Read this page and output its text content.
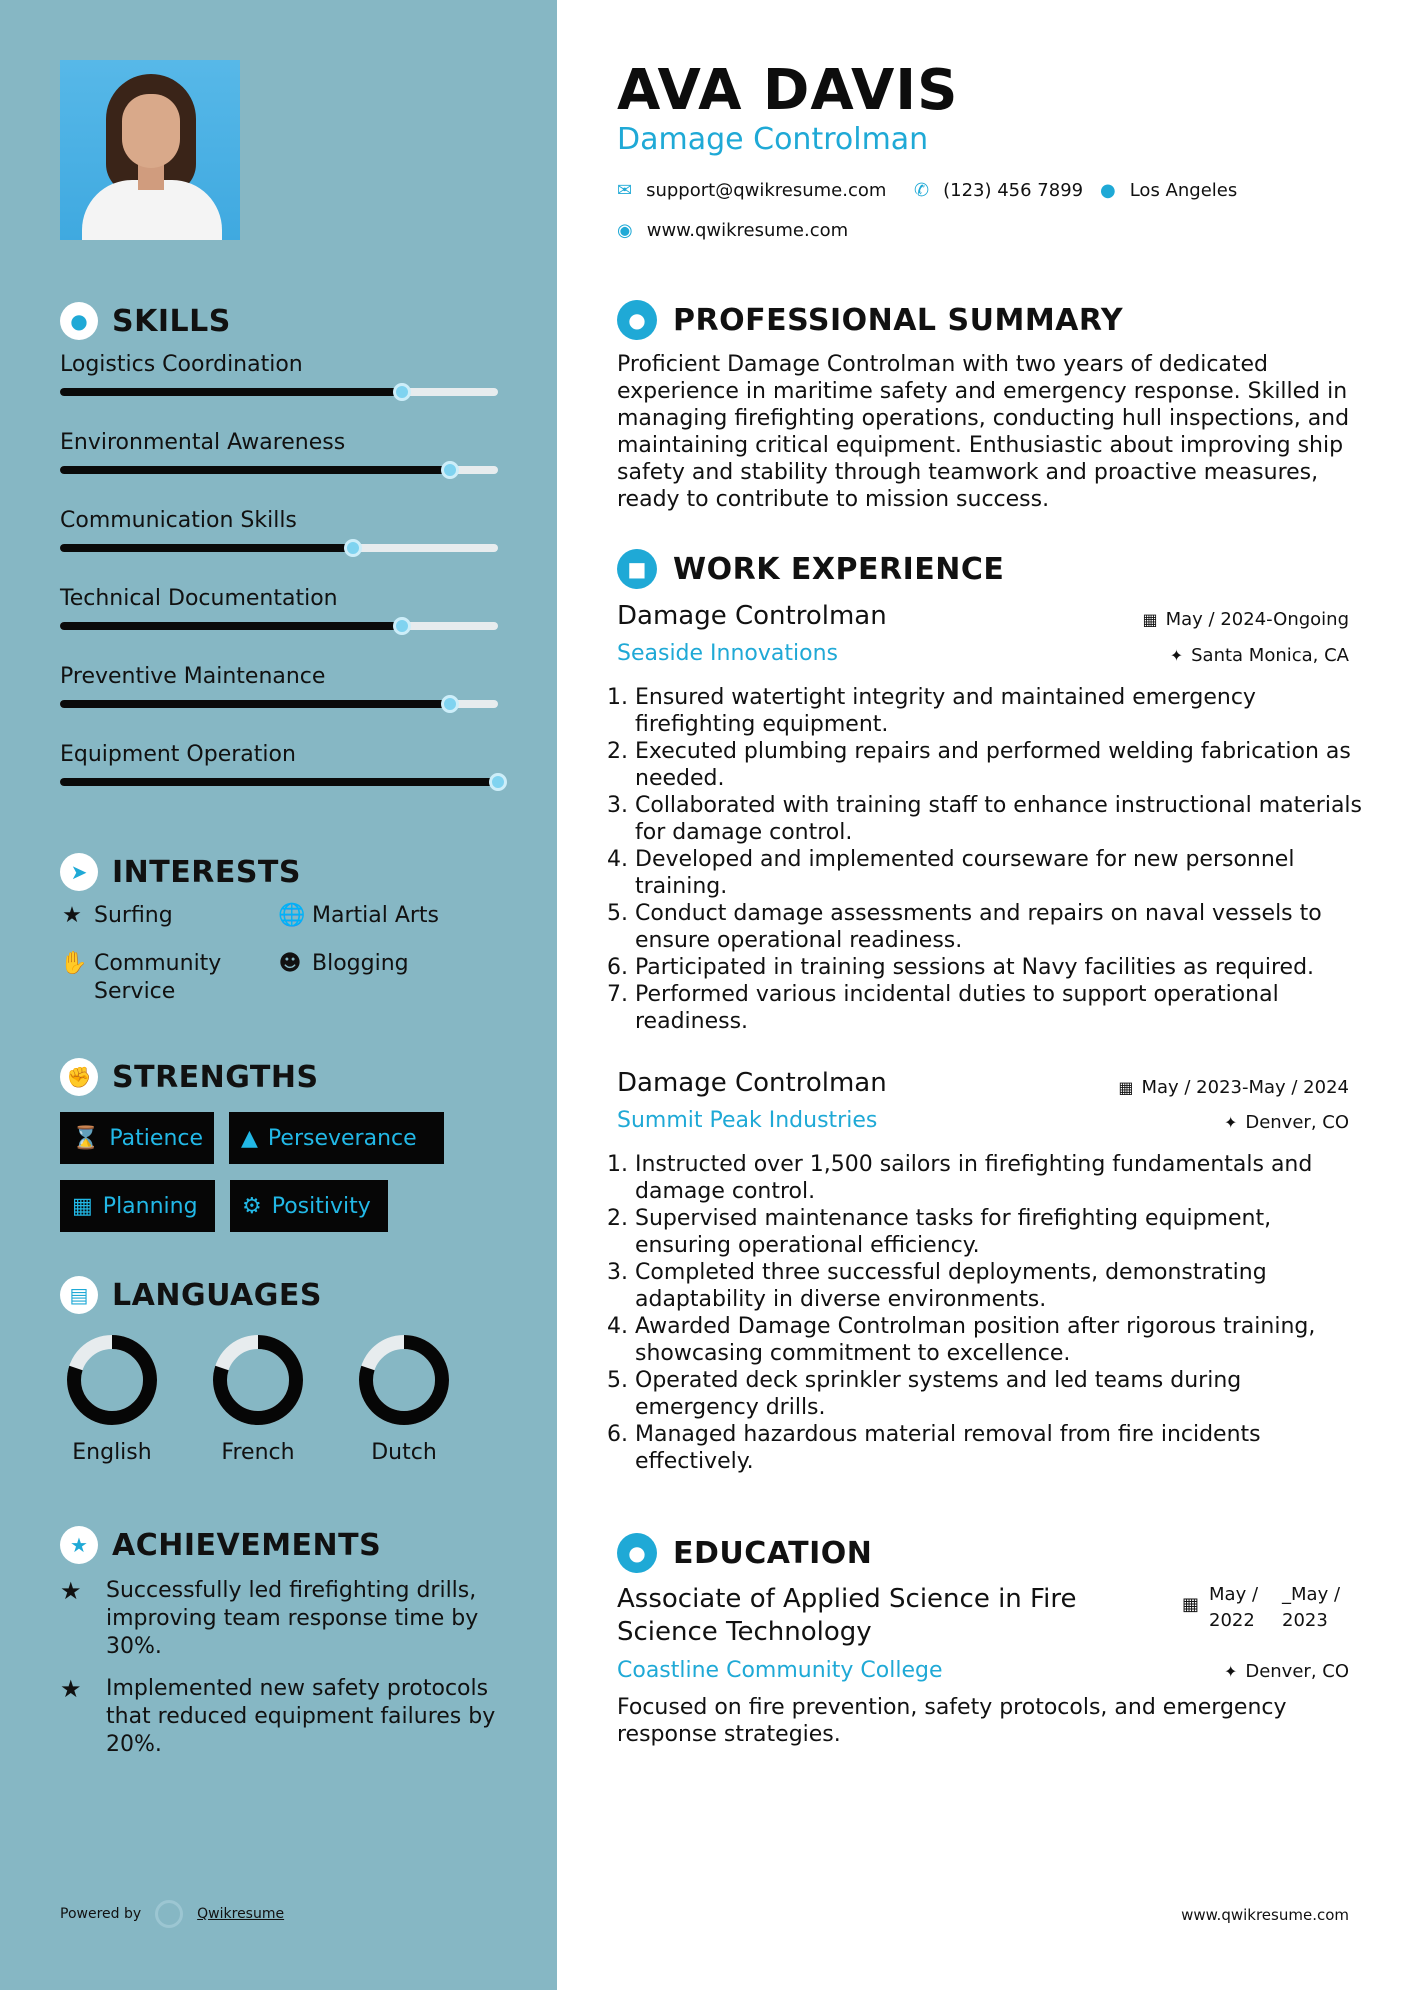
● SKILLS
Logistics Coordination
Environmental Awareness
Communication Skills
Technical Documentation
Preventive Maintenance
Equipment Operation
➤ INTERESTS
★ Surfing	🌐 Martial Arts
✋ Community Service
☻ Blogging
✊ STRENGTHS
⌛ Patience ▲ Perseverance
▦ Planning ⚙ Positivity
▤ LANGUAGES
English	French	Dutch
★ ACHIEVEMENTS
★	Successfully led firefighting drills, improving team response time by 30%.
★	Implemented new safety protocols that reduced equipment failures by 20%.
Powered by	Qwikresume
AVA DAVIS
Damage Controlman
✉ support@qwikresume.com ✆ (123) 456 7899 ● Los Angeles
◉ www.qwikresume.com
● PROFESSIONAL SUMMARY
Proficient Damage Controlman with two years of dedicated experience in maritime safety and emergency response. Skilled in managing firefighting operations, conducting hull inspections, and maintaining critical equipment. Enthusiastic about improving ship safety and stability through teamwork and proactive measures, ready to contribute to mission success.
■ WORK EXPERIENCE
Damage Controlman	▦ May / 2024-Ongoing
Seaside Innovations	✦ Santa Monica, CA
1. Ensured watertight integrity and maintained emergency firefighting equipment.
2. Executed plumbing repairs and performed welding fabrication as needed.
3. Collaborated with training staff to enhance instructional materials for damage control.
4. Developed and implemented courseware for new personnel training.
5. Conduct damage assessments and repairs on naval vessels to ensure operational readiness.
6. Participated in training sessions at Navy facilities as required.
7. Performed various incidental duties to support operational readiness.
Damage Controlman	▦ May / 2023-May / 2024
Summit Peak Industries	✦ Denver, CO
1. Instructed over 1,500 sailors in firefighting fundamentals and damage control.
2. Supervised maintenance tasks for firefighting equipment, ensuring operational efficiency.
3. Completed three successful deployments, demonstrating adaptability in diverse environments.
4. Awarded Damage Controlman position after rigorous training, showcasing commitment to excellence.
5. Operated deck sprinkler systems and led teams during emergency drills.
6. Managed hazardous material removal from fire incidents effectively.
● EDUCATION
Associate of Applied Science in Fire Science Technology
▦ May /
2022
_May /
2023
Coastline Community College	✦ Denver, CO
Focused on fire prevention, safety protocols, and emergency response strategies.
www.qwikresume.com
